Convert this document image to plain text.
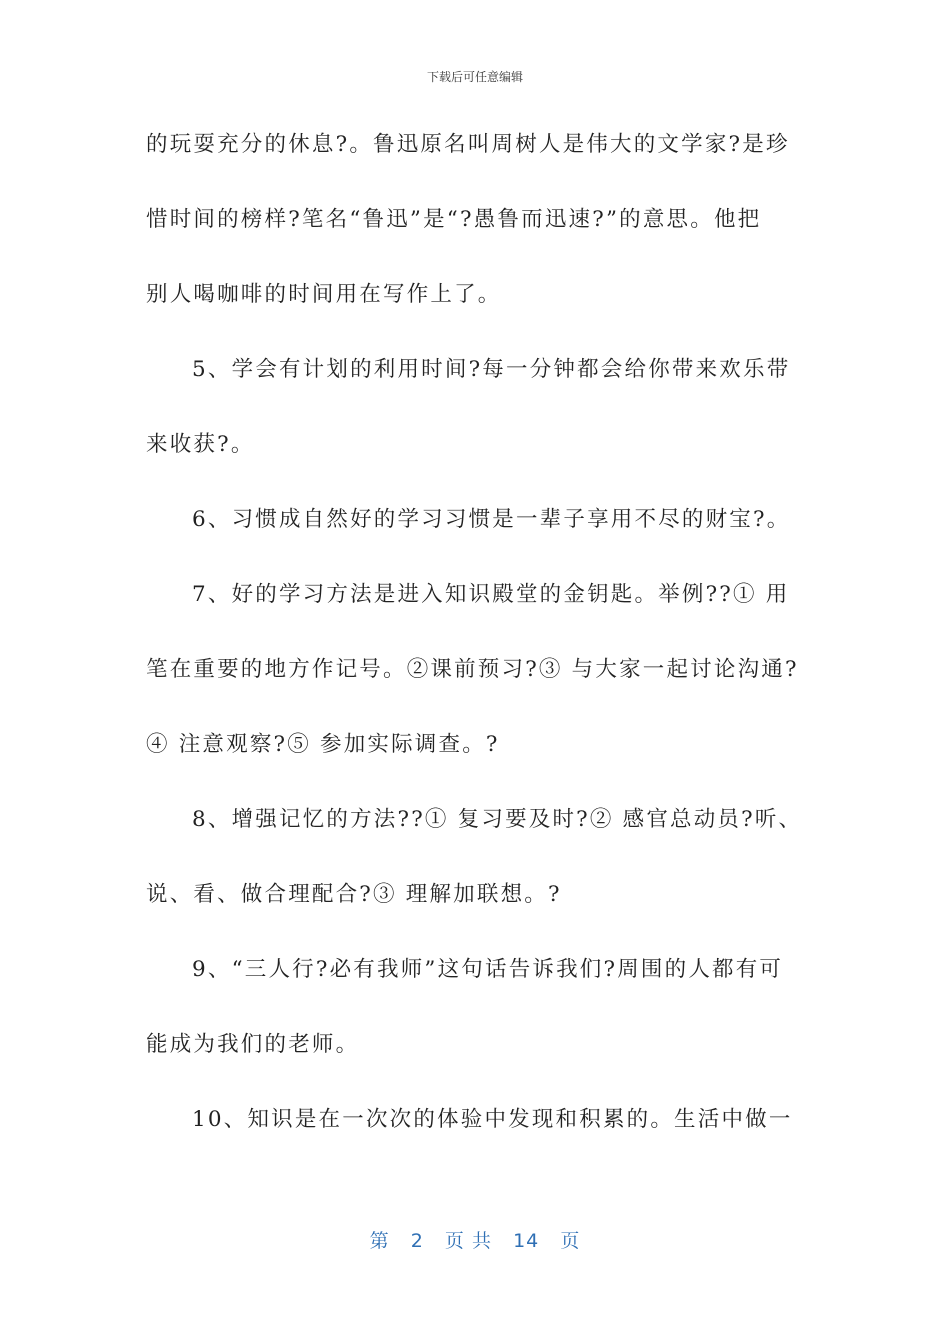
下载后可任意编辑
的玩耍充分的休息?。鲁迅原名叫周树人是伟大的文学家?是珍
惜时间的榜样?笔名“鲁迅”是“?愚鲁而迅速?”的意思。他把
别人喝咖啡的时间用在写作上了。
5、学会有计划的利用时间?每一分钟都会给你带来欢乐带
来收获?。
6、习惯成自然好的学习习惯是一辈子享用不尽的财宝?。
7、好的学习方法是进入知识殿堂的金钥匙。举例??① 用
笔在重要的地方作记号。②课前预习?③ 与大家一起讨论沟通?
④ 注意观察?⑤ 参加实际调查。?
8、增强记忆的方法??① 复习要及时?② 感官总动员?听、
说、看、做合理配合?③ 理解加联想。?
9、“三人行?必有我师”这句话告诉我们?周围的人都有可
能成为我们的老师。
10、知识是在一次次的体验中发现和积累的。生活中做一
第 2 页 共 14 页
